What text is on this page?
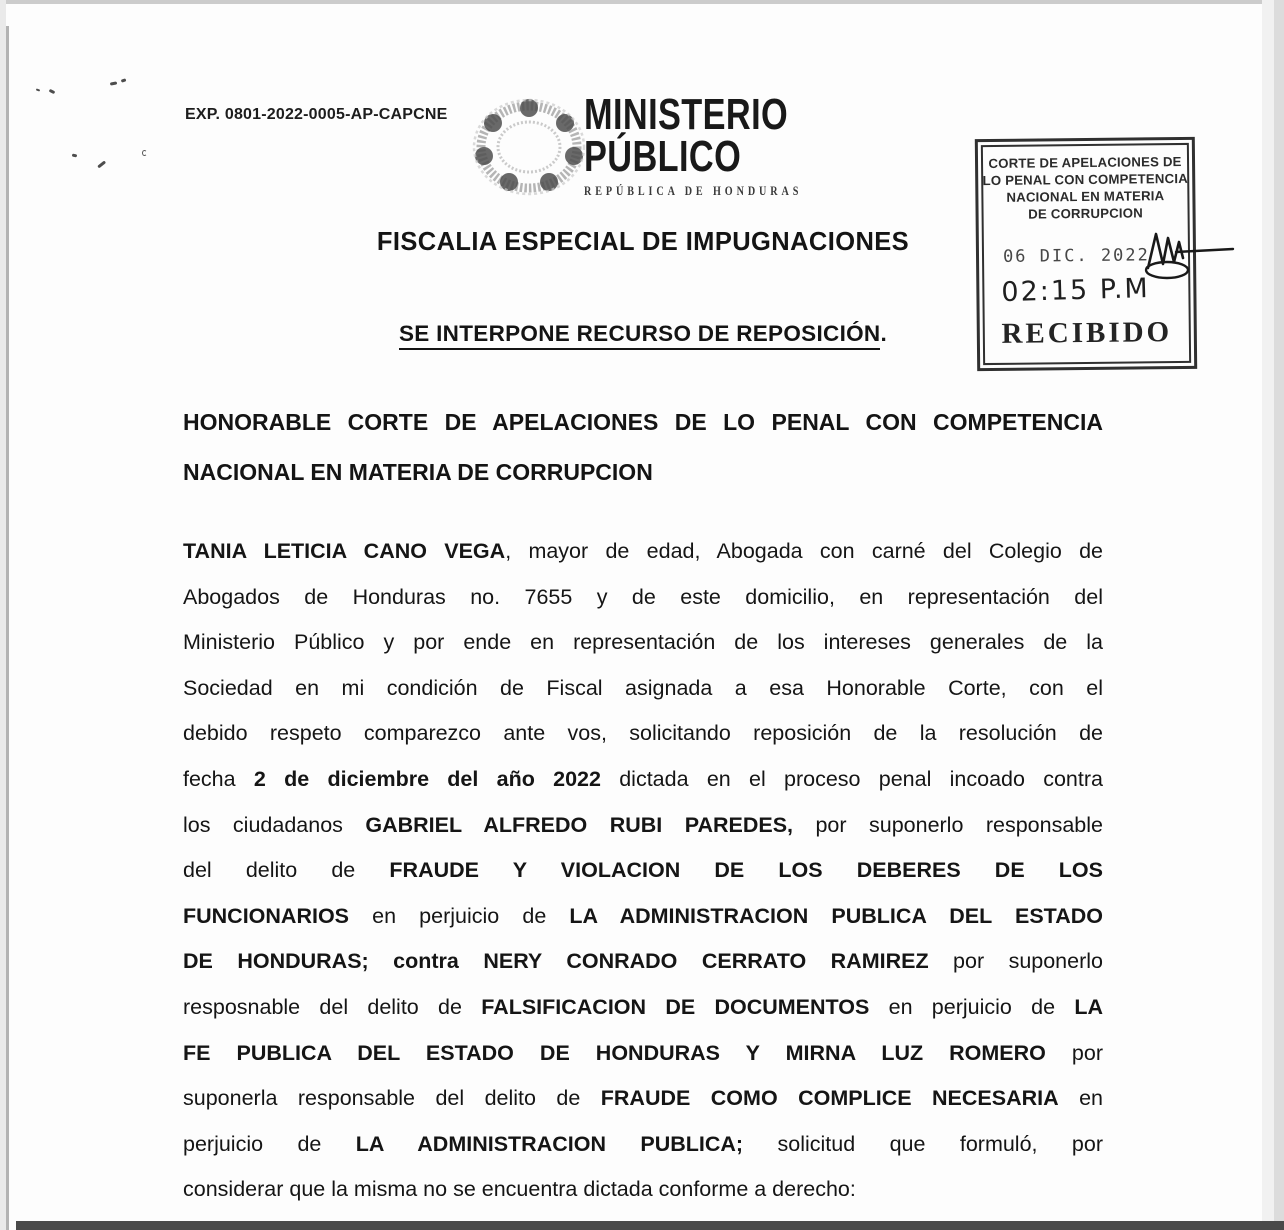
EXP. 0801-2022-0005-AP-CAPCNE	MINISTERIO
PÚBLICO
REPÚBLICA DE HONDURAS
CORTE DE APELACIONES DE
LO PENAL CON COMPETENCIA
NACIONAL EN MATERIA
DE CORRUPCION
06 DIC. 2022
02:15 P.M
RECIBIDO
FISCALIA ESPECIAL DE IMPUGNACIONES
SE INTERPONE RECURSO DE REPOSICIÓN.
HONORABLE CORTE DE APELACIONES DE LO PENAL CON COMPETENCIA
NACIONAL EN MATERIA DE CORRUPCION
TANIA LETICIA CANO VEGA, mayor de edad, Abogada con carné del Colegio de
Abogados de Honduras no. 7655 y de este domicilio, en representación del
Ministerio Público y por ende en representación de los intereses generales de la
Sociedad en mi condición de Fiscal asignada a esa Honorable Corte, con el
debido respeto comparezco ante vos, solicitando reposición de la resolución de
fecha 2 de diciembre del año 2022 dictada en el proceso penal incoado contra
los ciudadanos GABRIEL ALFREDO RUBI PAREDES, por suponerlo responsable
del delito de FRAUDE Y VIOLACION DE LOS DEBERES DE LOS
FUNCIONARIOS en perjuicio de LA ADMINISTRACION PUBLICA DEL ESTADO
DE HONDURAS; contra NERY CONRADO CERRATO RAMIREZ por suponerlo
resposnable del delito de FALSIFICACION DE DOCUMENTOS en perjuicio de LA
FE PUBLICA DEL ESTADO DE HONDURAS Y MIRNA LUZ ROMERO por
suponerla responsable del delito de FRAUDE COMO COMPLICE NECESARIA en
perjuicio de LA ADMINISTRACION PUBLICA; solicitud que formuló, por
considerar que la misma no se encuentra dictada conforme a derecho:
